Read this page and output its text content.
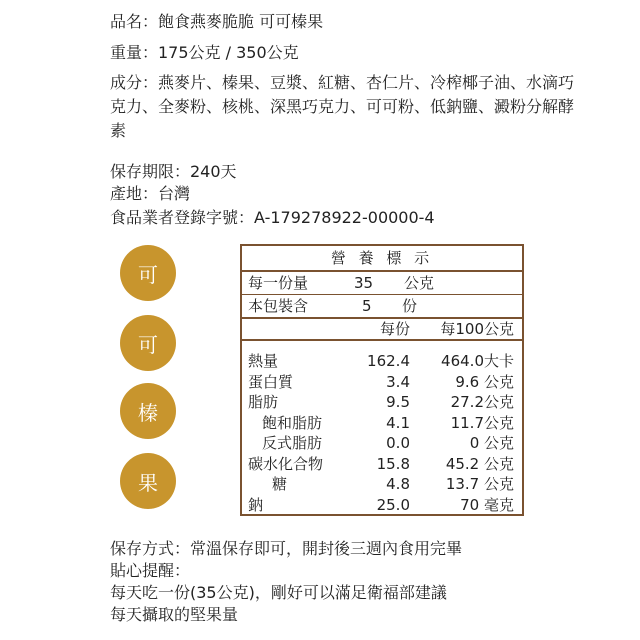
品名：飽食燕麥脆脆 可可榛果
重量：175公克 / 350公克
成分：燕麥片、榛果、豆漿、紅糖、杏仁片、冷榨椰子油、水滴巧克力、全麥粉、核桃、深黑巧克力、可可粉、低鈉鹽、澱粉分解酵素
保存期限：240天
產地：台灣
食品業者登錄字號：A-179278922-00000-4
可
可
榛
果
營 養 標 示
每一份量	35 公克
本包裝含	5 份
每份 每100公克
熱量	162.4 464.0大卡
蛋白質	3.4	9.6 公克
脂肪	9.5	27.2公克
飽和脂肪	4.1	11.7公克
反式脂肪	0.0	0 公克
碳水化合物	15.8 45.2 公克
糖	4.8 13.7 公克
鈉	25.0	70 毫克
保存方式：常溫保存即可，開封後三週內食用完畢
貼心提醒：
每天吃一份(35公克)，剛好可以滿足衛福部建議
每天攝取的堅果量
